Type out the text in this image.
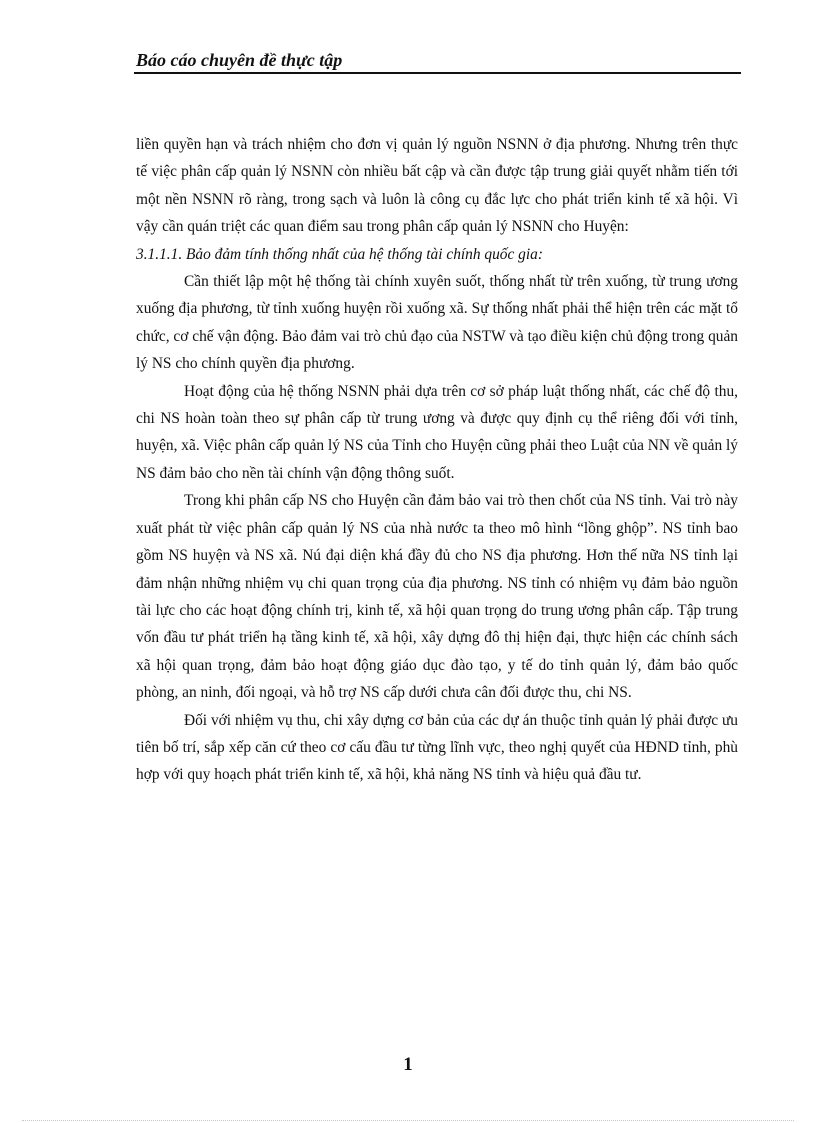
Báo cáo chuyên đề thực tập

liền quyền hạn và trách nhiệm cho đơn vị quản lý nguồn NSNN ở địa phương. Nhưng trên thực tế việc phân cấp quản lý NSNN còn nhiều bất cập và cần được tập trung giải quyết nhằm tiến tới một nền NSNN rõ ràng, trong sạch và luôn là công cụ đắc lực cho phát triển kinh tế xã hội. Vì vậy cần quán triệt các quan điểm sau trong phân cấp quản lý NSNN cho Huyện:

3.1.1.1. Bảo đảm tính thống nhất của hệ thống tài chính quốc gia:

Cần thiết lập một hệ thống tài chính xuyên suốt, thống nhất từ trên xuống, từ trung ương xuống địa phương, từ tỉnh xuống huyện rồi xuống xã. Sự thống nhất phải thể hiện trên các mặt tổ chức, cơ chế vận động. Bảo đảm vai trò chủ đạo của NSTW và tạo điều kiện chủ động trong quản lý NS cho chính quyền địa phương.

Hoạt động của hệ thống NSNN phải dựa trên cơ sở pháp luật thống nhất, các chế độ thu, chi NS hoàn toàn theo sự phân cấp từ trung ương và được quy định cụ thể riêng đối với tỉnh, huyện, xã. Việc phân cấp quản lý NS của Tỉnh cho Huyện cũng phải theo Luật của NN về quản lý NS đảm bảo cho nền tài chính vận động thông suốt.

Trong khi phân cấp NS cho Huyện cần đảm bảo vai trò then chốt của NS tỉnh. Vai trò này xuất phát từ việc phân cấp quản lý NS của nhà nước ta theo mô hình “lồng ghộp”. NS tỉnh bao gồm NS huyện và NS xã. Nú đại diện khá đầy đủ cho NS địa phương. Hơn thế nữa NS tỉnh lại đảm nhận những nhiệm vụ chi quan trọng của địa phương. NS tỉnh có nhiệm vụ đảm bảo nguồn tài lực cho các hoạt động chính trị, kinh tế, xã hội quan trọng do trung ương phân cấp. Tập trung vốn đầu tư phát triển hạ tầng kinh tế, xã hội, xây dựng đô thị hiện đại, thực hiện các chính sách xã hội quan trọng, đảm bảo hoạt động giáo dục đào tạo, y tế do tỉnh quản lý, đảm bảo quốc phòng, an ninh, đối ngoại, và hỗ trợ NS cấp dưới chưa cân đối được thu, chi NS.

Đối với nhiệm vụ thu, chi xây dựng cơ bản của các dự án thuộc tỉnh quản lý phải được ưu tiên bố trí, sắp xếp căn cứ theo cơ cấu đầu tư từng lĩnh vực, theo nghị quyết của HĐND tỉnh, phù hợp với quy hoạch phát triển kinh tế, xã hội, khả năng NS tỉnh và hiệu quả đầu tư.

1
